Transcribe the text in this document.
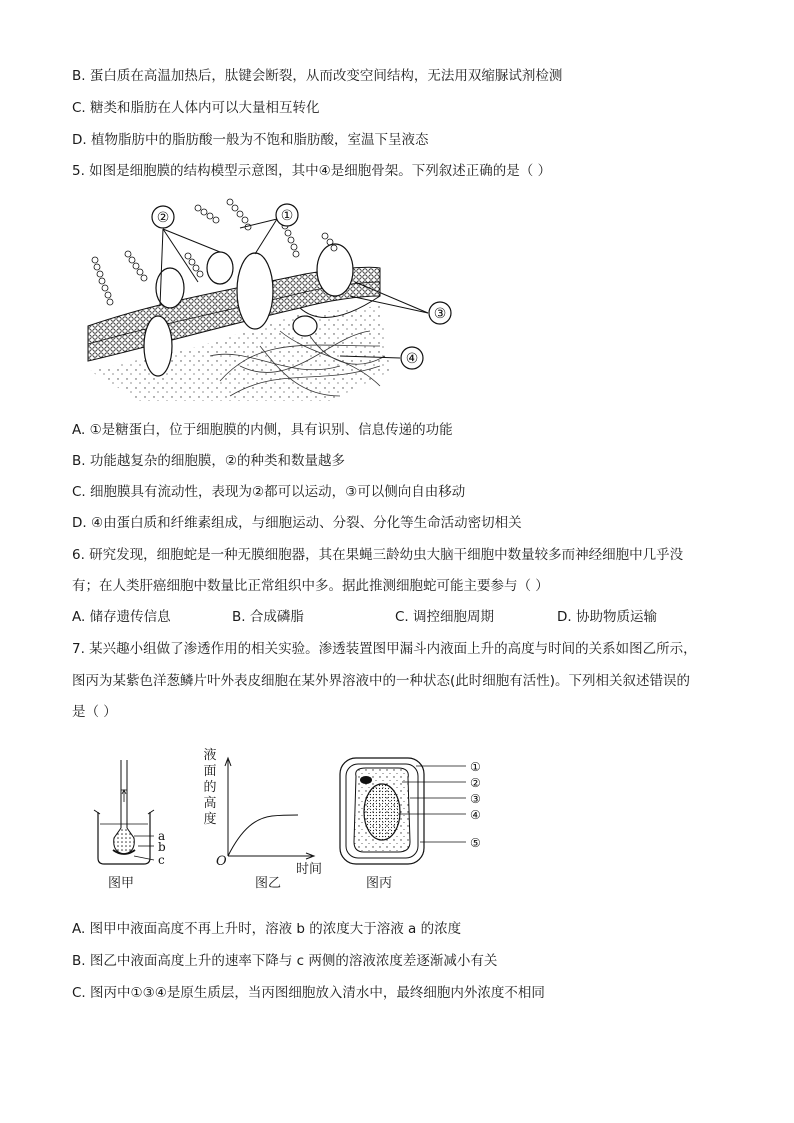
B. 蛋白质在高温加热后，肽键会断裂，从而改变空间结构，无法用双缩脲试剂检测
C. 糖类和脂肪在人体内可以大量相互转化
D. 植物脂肪中的脂肪酸一般为不饱和脂肪酸，室温下呈液态
5. 如图是细胞膜的结构模型示意图，其中④是细胞骨架。下列叙述正确的是（ ）
②	①
③
④
A. ①是糖蛋白，位于细胞膜的内侧，具有识别、信息传递的功能
B. 功能越复杂的细胞膜，②的种类和数量越多
C. 细胞膜具有流动性，表现为②都可以运动，③可以侧向自由移动
D. ④由蛋白质和纤维素组成，与细胞运动、分裂、分化等生命活动密切相关
6. 研究发现，细胞蛇是一种无膜细胞器，其在果蝇三龄幼虫大脑干细胞中数量较多而神经细胞中几乎没
有；在人类肝癌细胞中数量比正常组织中多。据此推测细胞蛇可能主要参与（ ）
A. 储存遗传信息	B. 合成磷脂	C. 调控细胞周期	D. 协助物质运输
7. 某兴趣小组做了渗透作用的相关实验。渗透装置图甲漏斗内液面上升的高度与时间的关系如图乙所示，
图丙为某紫色洋葱鳞片叶外表皮细胞在某外界溶液中的一种状态(此时细胞有活性)。下列相关叙述错误的
是（ ）
a
b
c
图甲
液
面
的
高
度
O
时间
图乙
①
②
③
④
⑤
图丙
A. 图甲中液面高度不再上升时，溶液 b 的浓度大于溶液 a 的浓度
B. 图乙中液面高度上升的速率下降与 c 两侧的溶液浓度差逐渐减小有关
C. 图丙中①③④是原生质层，当丙图细胞放入清水中，最终细胞内外浓度不相同
